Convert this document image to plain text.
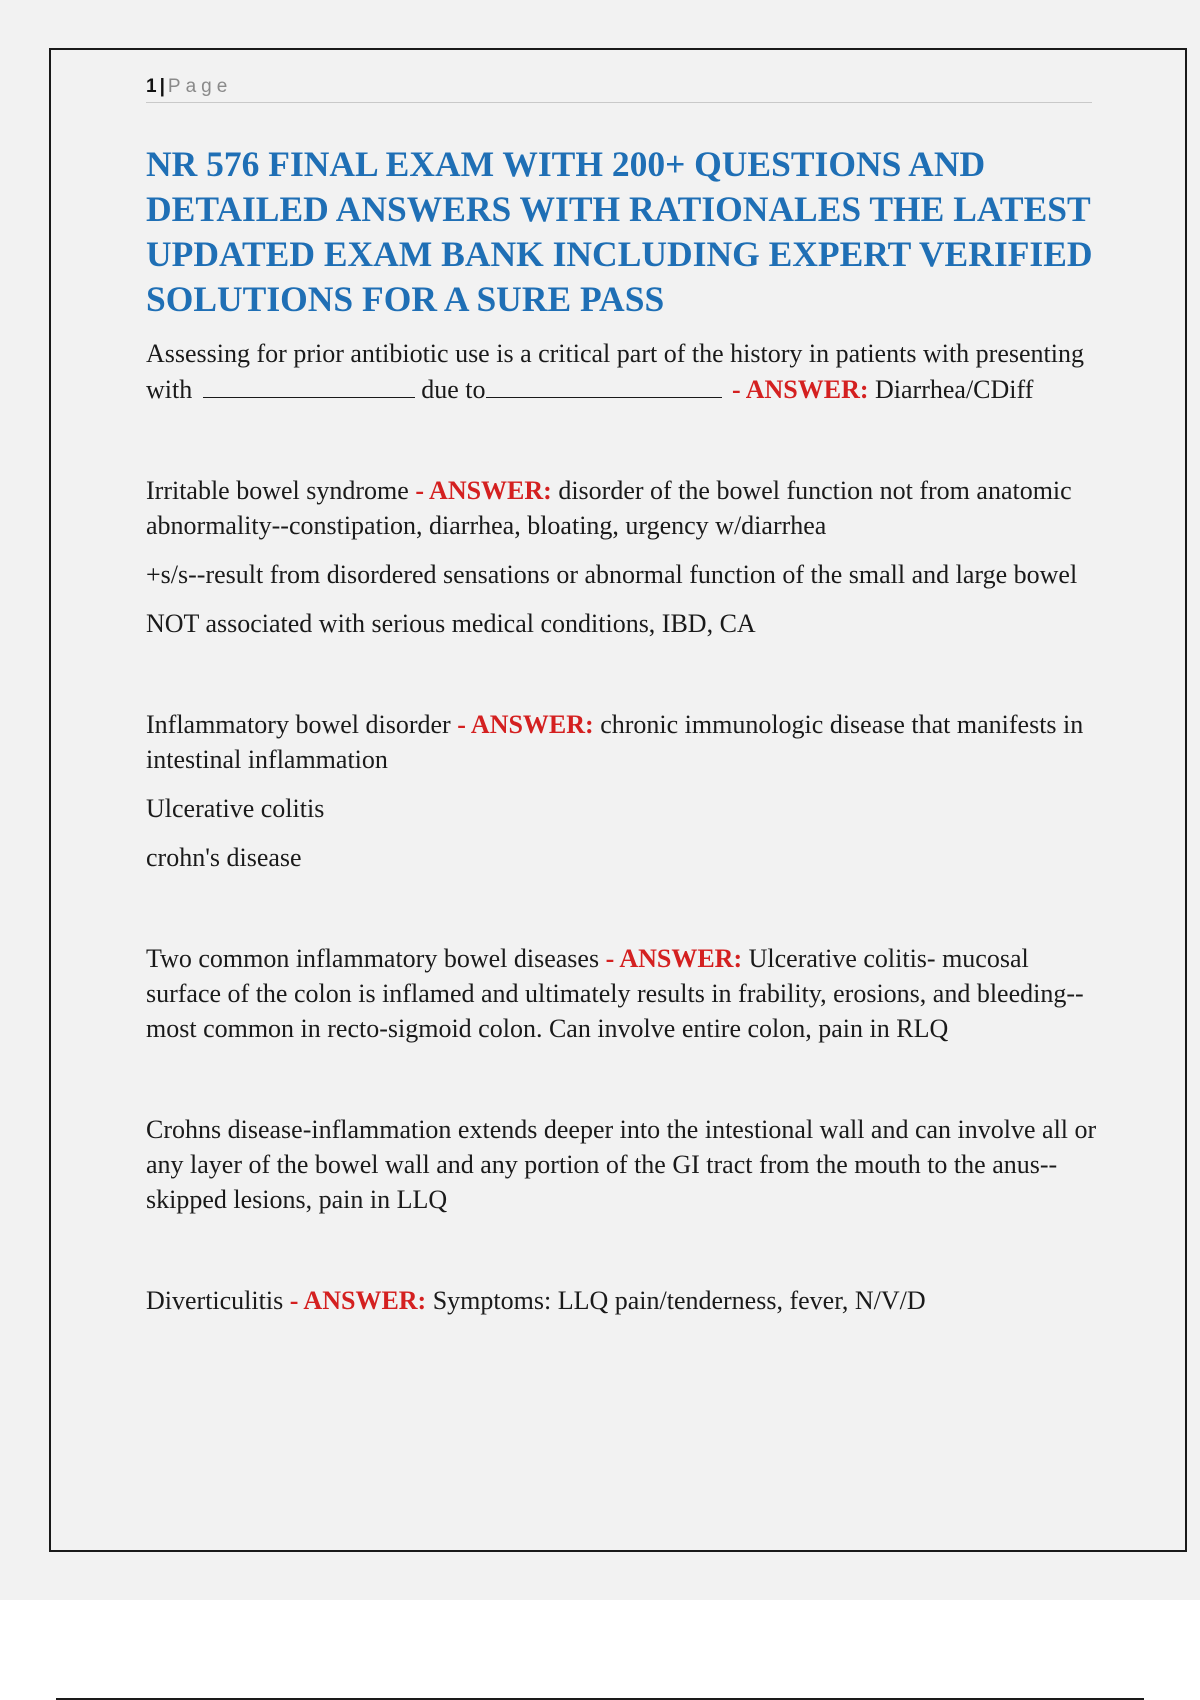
1 | Page
NR 576 FINAL EXAM WITH 200+ QUESTIONS AND DETAILED ANSWERS WITH RATIONALES THE LATEST UPDATED EXAM BANK INCLUDING EXPERT VERIFIED SOLUTIONS FOR A SURE PASS

Assessing for prior antibiotic use is a critical part of the history in patients with presenting with	due to	- ANSWER: Diarrhea/CDiff

Irritable bowel syndrome - ANSWER: disorder of the bowel function not from anatomic abnormality--constipation, diarrhea, bloating, urgency w/diarrhea

+s/s--result from disordered sensations or abnormal function of the small and large bowel

NOT associated with serious medical conditions, IBD, CA

Inflammatory bowel disorder - ANSWER: chronic immunologic disease that manifests in intestinal inflammation

Ulcerative colitis

crohn's disease

Two common inflammatory bowel diseases - ANSWER: Ulcerative colitis- mucosal surface of the colon is inflamed and ultimately results in frability, erosions, and bleeding--most common in recto-sigmoid colon. Can involve entire colon, pain in RLQ

Crohns disease-inflammation extends deeper into the intestional wall and can involve all or any layer of the bowel wall and any portion of the GI tract from the mouth to the anus--skipped lesions, pain in LLQ

Diverticulitis - ANSWER: Symptoms: LLQ pain/tenderness, fever, N/V/D
